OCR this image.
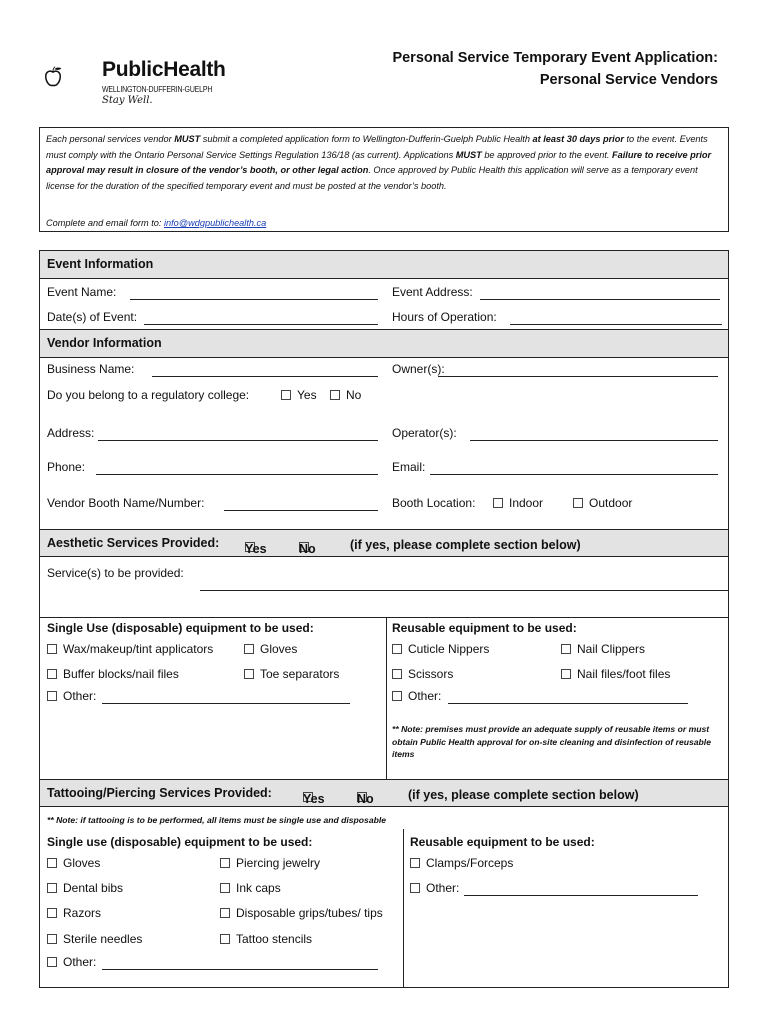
PublicHealth
WELLINGTON-DUFFERIN-GUELPH
Stay Well.
Personal Service Temporary Event Application:
Personal Service Vendors

Each personal services vendor MUST submit a completed application form to Wellington-Dufferin-Guelph Public Health at least 30 days prior to the event. Events must comply with the Ontario Personal Service Settings Regulation 136/18 (as current). Applications MUST be approved prior to the event. Failure to receive prior approval may result in closure of the vendor’s booth, or other legal action. Once approved by Public Health this application will serve as a temporary event license for the duration of the specified temporary event and must be posted at the vendor’s booth.

Complete and email form to: info@wdgpublichealth.ca

Event Information
Event Name:	Event Address:
Date(s) of Event:	Hours of Operation:
Vendor Information
Business Name:	Owner(s):
Do you belong to a regulatory college:	Yes	No
Address:	Operator(s):
Phone:	Email:
Vendor Booth Name/Number:	Booth Location:	Indoor	Outdoor
Aesthetic Services Provided: Yes	No	(if yes, please complete section below)
Service(s) to be provided:
Single Use (disposable) equipment to be used:
Wax/makeup/tint applicators	Gloves
Buffer blocks/nail files	Toe separators
Other:
Reusable equipment to be used:
Cuticle Nippers	Nail Clippers
Scissors	Nail files/foot files
Other:
** Note: premises must provide an adequate supply of reusable items or must obtain Public Health approval for on-site cleaning and disinfection of reusable items
Tattooing/Piercing Services Provided: Yes	No	(if yes, please complete section below)
** Note: if tattooing is to be performed, all items must be single use and disposable
Single use (disposable) equipment to be used:
Gloves	Piercing jewelry
Dental bibs	Ink caps
Razors	Disposable grips/tubes/ tips
Sterile needles	Tattoo stencils
Other:
Reusable equipment to be used:
Clamps/Forceps
Other:
